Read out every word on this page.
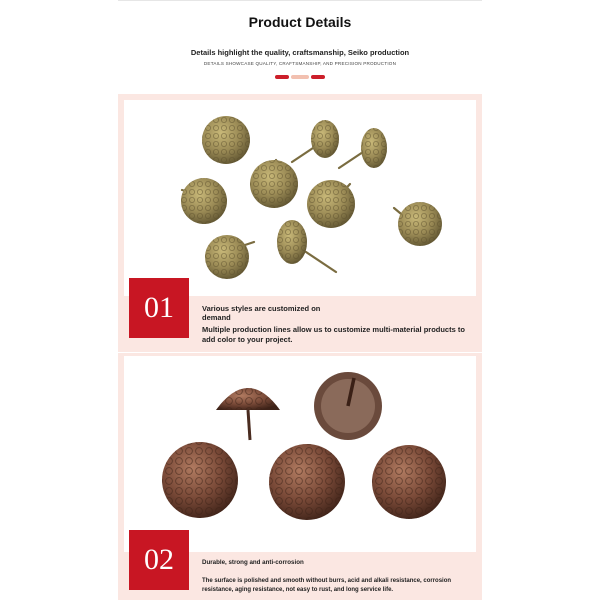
Product Details
Details highlight the quality, craftsmanship, Seiko production
DETAILS SHOWCASE QUALITY, CRAFTSMANSHIP, AND PRECISION PRODUCTION
01	Various styles are customized on demand
Multiple production lines allow us to customize multi-material products to add color to your project.
02	Durable, strong and anti-corrosion
The surface is polished and smooth without burrs, acid and alkali resistance, corrosion resistance, aging resistance, not easy to rust, and long service life.
